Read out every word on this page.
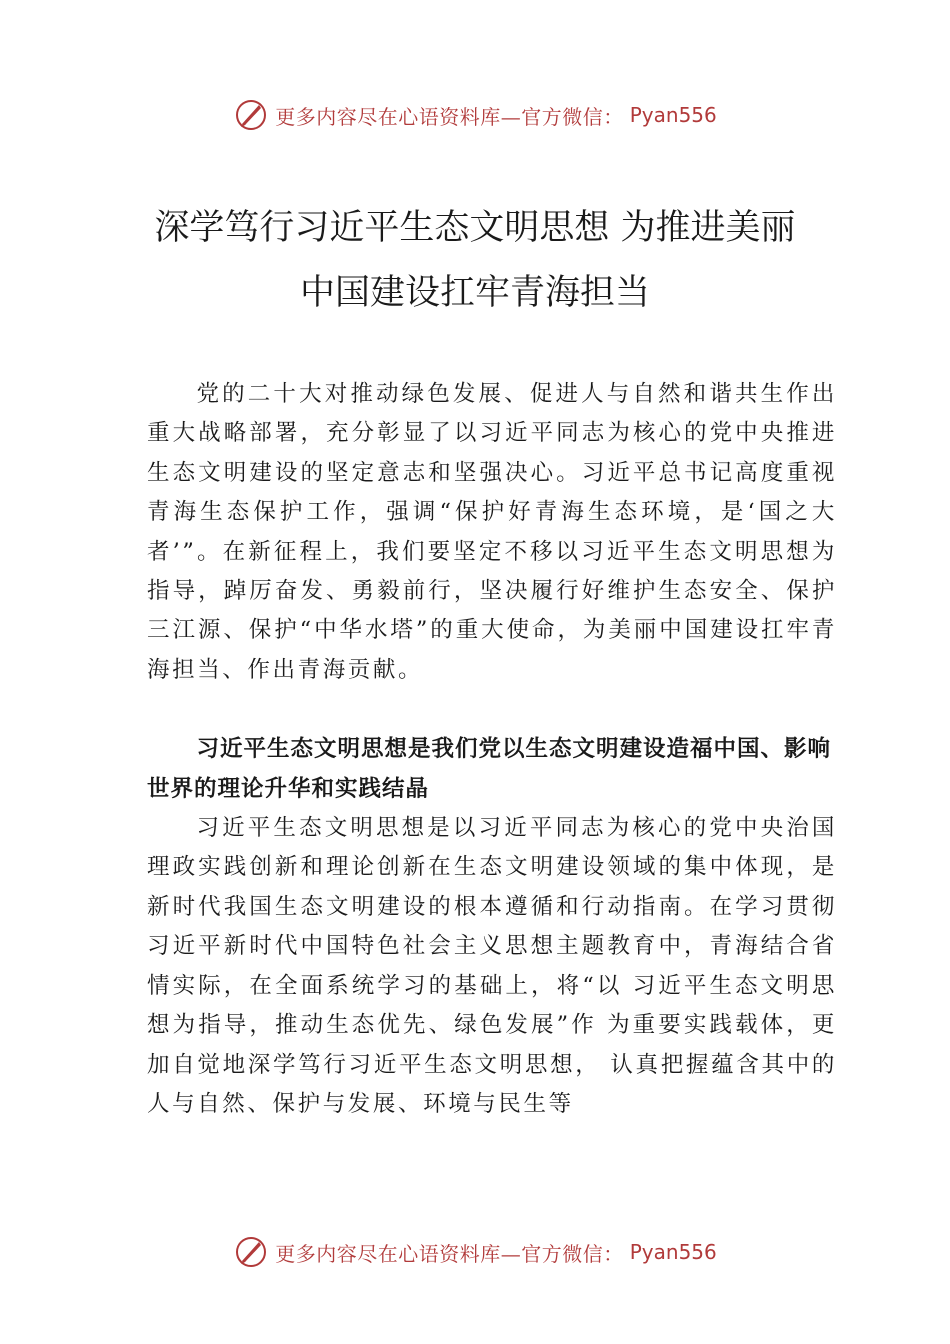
更多内容尽在心语资料库—官方微信： Pyan556
深学笃行习近平生态文明思想 为推进美丽
中国建设扛牢青海担当

党的二十大对推动绿色发展、促进人与自然和谐共生作出重大战略部署，充分彰显了以习近平同志为核心的党中央推进生态文明建设的坚定意志和坚强决心。习近平总书记高度重视青海生态保护工作，强调“保护好青海生态环境，是‘国之大者’”。在新征程上，我们要坚定不移以习近平生态文明思想为指导，踔厉奋发、勇毅前行，坚决履行好维护生态安全、保护三江源、保护“中华水塔”的重大使命，为美丽中国建设扛牢青海担当、作出青海贡献。

习近平生态文明思想是我们党以生态文明建设造福中国、影响世界的理论升华和实践结晶

习近平生态文明思想是以习近平同志为核心的党中央治国理政实践创新和理论创新在生态文明建设领域的集中体现，是新时代我国生态文明建设的根本遵循和行动指南。在学习贯彻习近平新时代中国特色社会主义思想主题教育中，青海结合省情实际，在全面系统学习的基础上，将“以 习近平生态文明思想为指导，推动生态优先、绿色发展”作 为重要实践载体，更加自觉地深学笃行习近平生态文明思想， 认真把握蕴含其中的人与自然、保护与发展、环境与民生等

更多内容尽在心语资料库—官方微信： Pyan556
